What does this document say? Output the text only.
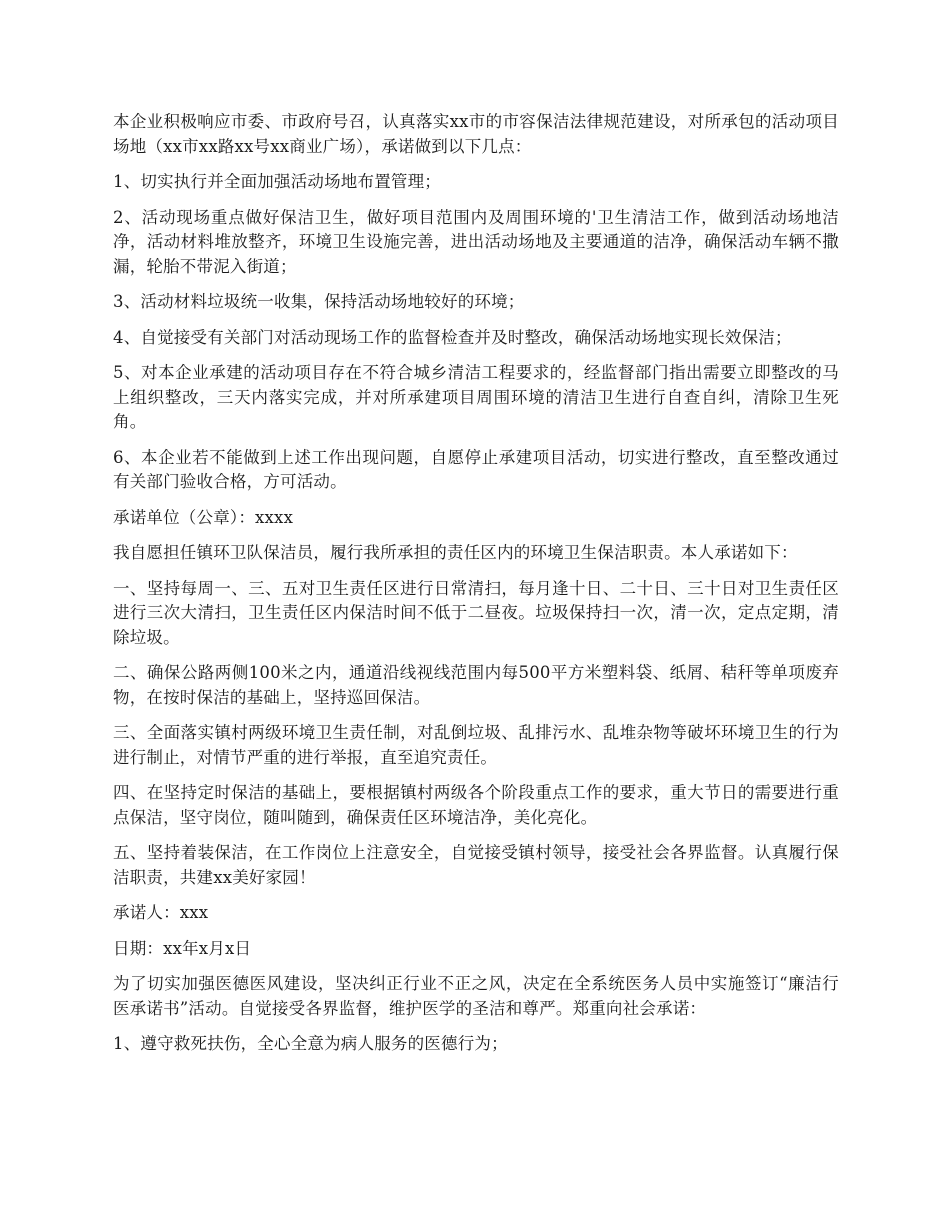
本企业积极响应市委、市政府号召，认真落实xx市的市容保洁法律规范建设，对所承包的活动项目场地（xx市xx路xx号xx商业广场），承诺做到以下几点：

1、切实执行并全面加强活动场地布置管理；

2、活动现场重点做好保洁卫生，做好项目范围内及周围环境的'卫生清洁工作，做到活动场地洁净，活动材料堆放整齐，环境卫生设施完善，进出活动场地及主要通道的洁净，确保活动车辆不撒漏，轮胎不带泥入街道；

3、活动材料垃圾统一收集，保持活动场地较好的环境；

4、自觉接受有关部门对活动现场工作的监督检查并及时整改，确保活动场地实现长效保洁；

5、对本企业承建的活动项目存在不符合城乡清洁工程要求的，经监督部门指出需要立即整改的马上组织整改，三天内落实完成，并对所承建项目周围环境的清洁卫生进行自查自纠，清除卫生死角。

6、本企业若不能做到上述工作出现问题，自愿停止承建项目活动，切实进行整改，直至整改通过有关部门验收合格，方可活动。

承诺单位（公章）：xxxx

我自愿担任镇环卫队保洁员，履行我所承担的责任区内的环境卫生保洁职责。本人承诺如下：

一、坚持每周一、三、五对卫生责任区进行日常清扫，每月逢十日、二十日、三十日对卫生责任区进行三次大清扫，卫生责任区内保洁时间不低于二昼夜。垃圾保持扫一次，清一次，定点定期，清除垃圾。

二、确保公路两侧100米之内，通道沿线视线范围内每500平方米塑料袋、纸屑、秸秆等单项废弃物，在按时保洁的基础上，坚持巡回保洁。

三、全面落实镇村两级环境卫生责任制，对乱倒垃圾、乱排污水、乱堆杂物等破坏环境卫生的行为进行制止，对情节严重的进行举报，直至追究责任。

四、在坚持定时保洁的基础上，要根据镇村两级各个阶段重点工作的要求，重大节日的需要进行重点保洁，坚守岗位，随叫随到，确保责任区环境洁净，美化亮化。

五、坚持着装保洁，在工作岗位上注意安全，自觉接受镇村领导，接受社会各界监督。认真履行保洁职责，共建xx美好家园！

承诺人：xxx

日期：xx年x月x日

为了切实加强医德医风建设，坚决纠正行业不正之风，决定在全系统医务人员中实施签订“廉洁行医承诺书”活动。自觉接受各界监督，维护医学的圣洁和尊严。郑重向社会承诺：

1、遵守救死扶伤，全心全意为病人服务的医德行为；
